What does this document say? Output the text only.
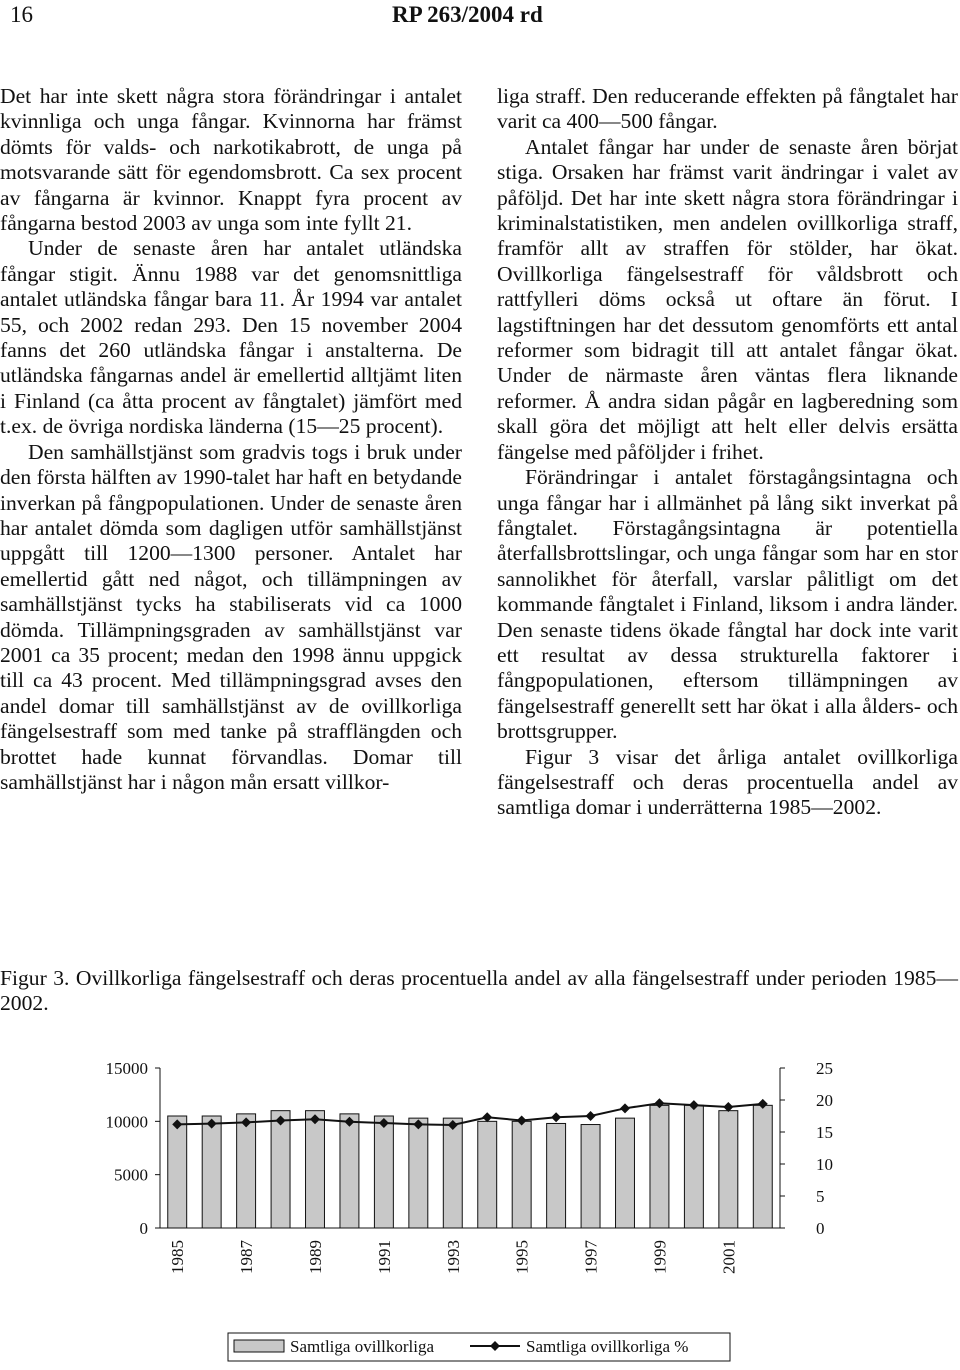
16	RP 263/2004 rd

Det har inte skett några stora förändringar i antalet kvinnliga och unga fångar. Kvinnorna har främst dömts för valds- och narkotikabrott, de unga på motsvarande sätt för egendomsbrott. Ca sex procent av fångarna är kvinnor. Knappt fyra procent av fångarna bestod 2003 av unga som inte fyllt 21.

Under de senaste åren har antalet utländska fångar stigit. Ännu 1988 var det genomsnittliga antalet utländska fångar bara 11. År 1994 var antalet 55, och 2002 redan 293. Den 15 november 2004 fanns det 260 utländska fångar i anstalterna. De utländska fångarnas andel är emellertid alltjämt liten i Finland (ca åtta procent av fångtalet) jämfört med t.ex. de övriga nordiska länderna (15—25 procent).

Den samhällstjänst som gradvis togs i bruk under den första hälften av 1990-talet har haft en betydande inverkan på fångpopulationen. Under de senaste åren har antalet dömda som dagligen utför samhällstjänst uppgått till 1200—1300 personer. Antalet har emellertid gått ned något, och tillämpningen av samhällstjänst tycks ha stabiliserats vid ca 1000 dömda. Tillämpningsgraden av samhällstjänst var 2001 ca 35 procent; medan den 1998 ännu uppgick till ca 43 procent. Med tillämpningsgrad avses den andel domar till samhällstjänst av de ovillkorliga fängelsestraff som med tanke på strafflängden och brottet hade kunnat förvandlas. Domar till samhällstjänst har i någon mån ersatt villkor-

liga straff. Den reducerande effekten på fångtalet har varit ca 400—500 fångar.

Antalet fångar har under de senaste åren börjat stiga. Orsaken har främst varit ändringar i valet av påföljd. Det har inte skett några stora förändringar i kriminalstatistiken, men andelen ovillkorliga straff, framför allt av straffen för stölder, har ökat. Ovillkorliga fängelsestraff för våldsbrott och rattfylleri döms också ut oftare än förut. I lagstiftningen har det dessutom genomförts ett antal reformer som bidragit till att antalet fångar ökat. Under de närmaste åren väntas flera liknande reformer. Å andra sidan pågår en lagberedning som skall göra det möjligt att helt eller delvis ersätta fängelse med påföljder i frihet.

Förändringar i antalet förstagångsintagna och unga fångar har i allmänhet på lång sikt inverkat på fångtalet. Förstagångsintagna är potentiella återfallsbrottslingar, och unga fångar som har en stor sannolikhet för återfall, varslar pålitligt om det kommande fångtalet i Finland, liksom i andra länder. Den senaste tidens ökade fångtal har dock inte varit ett resultat av dessa strukturella faktorer i fångpopulationen, eftersom tillämpningen av fängelsestraff generellt sett har ökat i alla ålders- och brottsgrupper.

Figur 3 visar det årliga antalet ovillkorliga fängelsestraff och deras procentuella andel av samtliga domar i underrätterna 1985—2002.

Figur 3. Ovillkorliga fängelsestraff och deras procentuella andel av alla fängelsestraff under perioden 1985—2002.
0
5000
10000
15000
0
5
10
15
20
25
1985	1987	1989	1991	1993	1995	1997	1999	2001
Samtliga ovillkorliga	Samtliga ovillkorliga %
